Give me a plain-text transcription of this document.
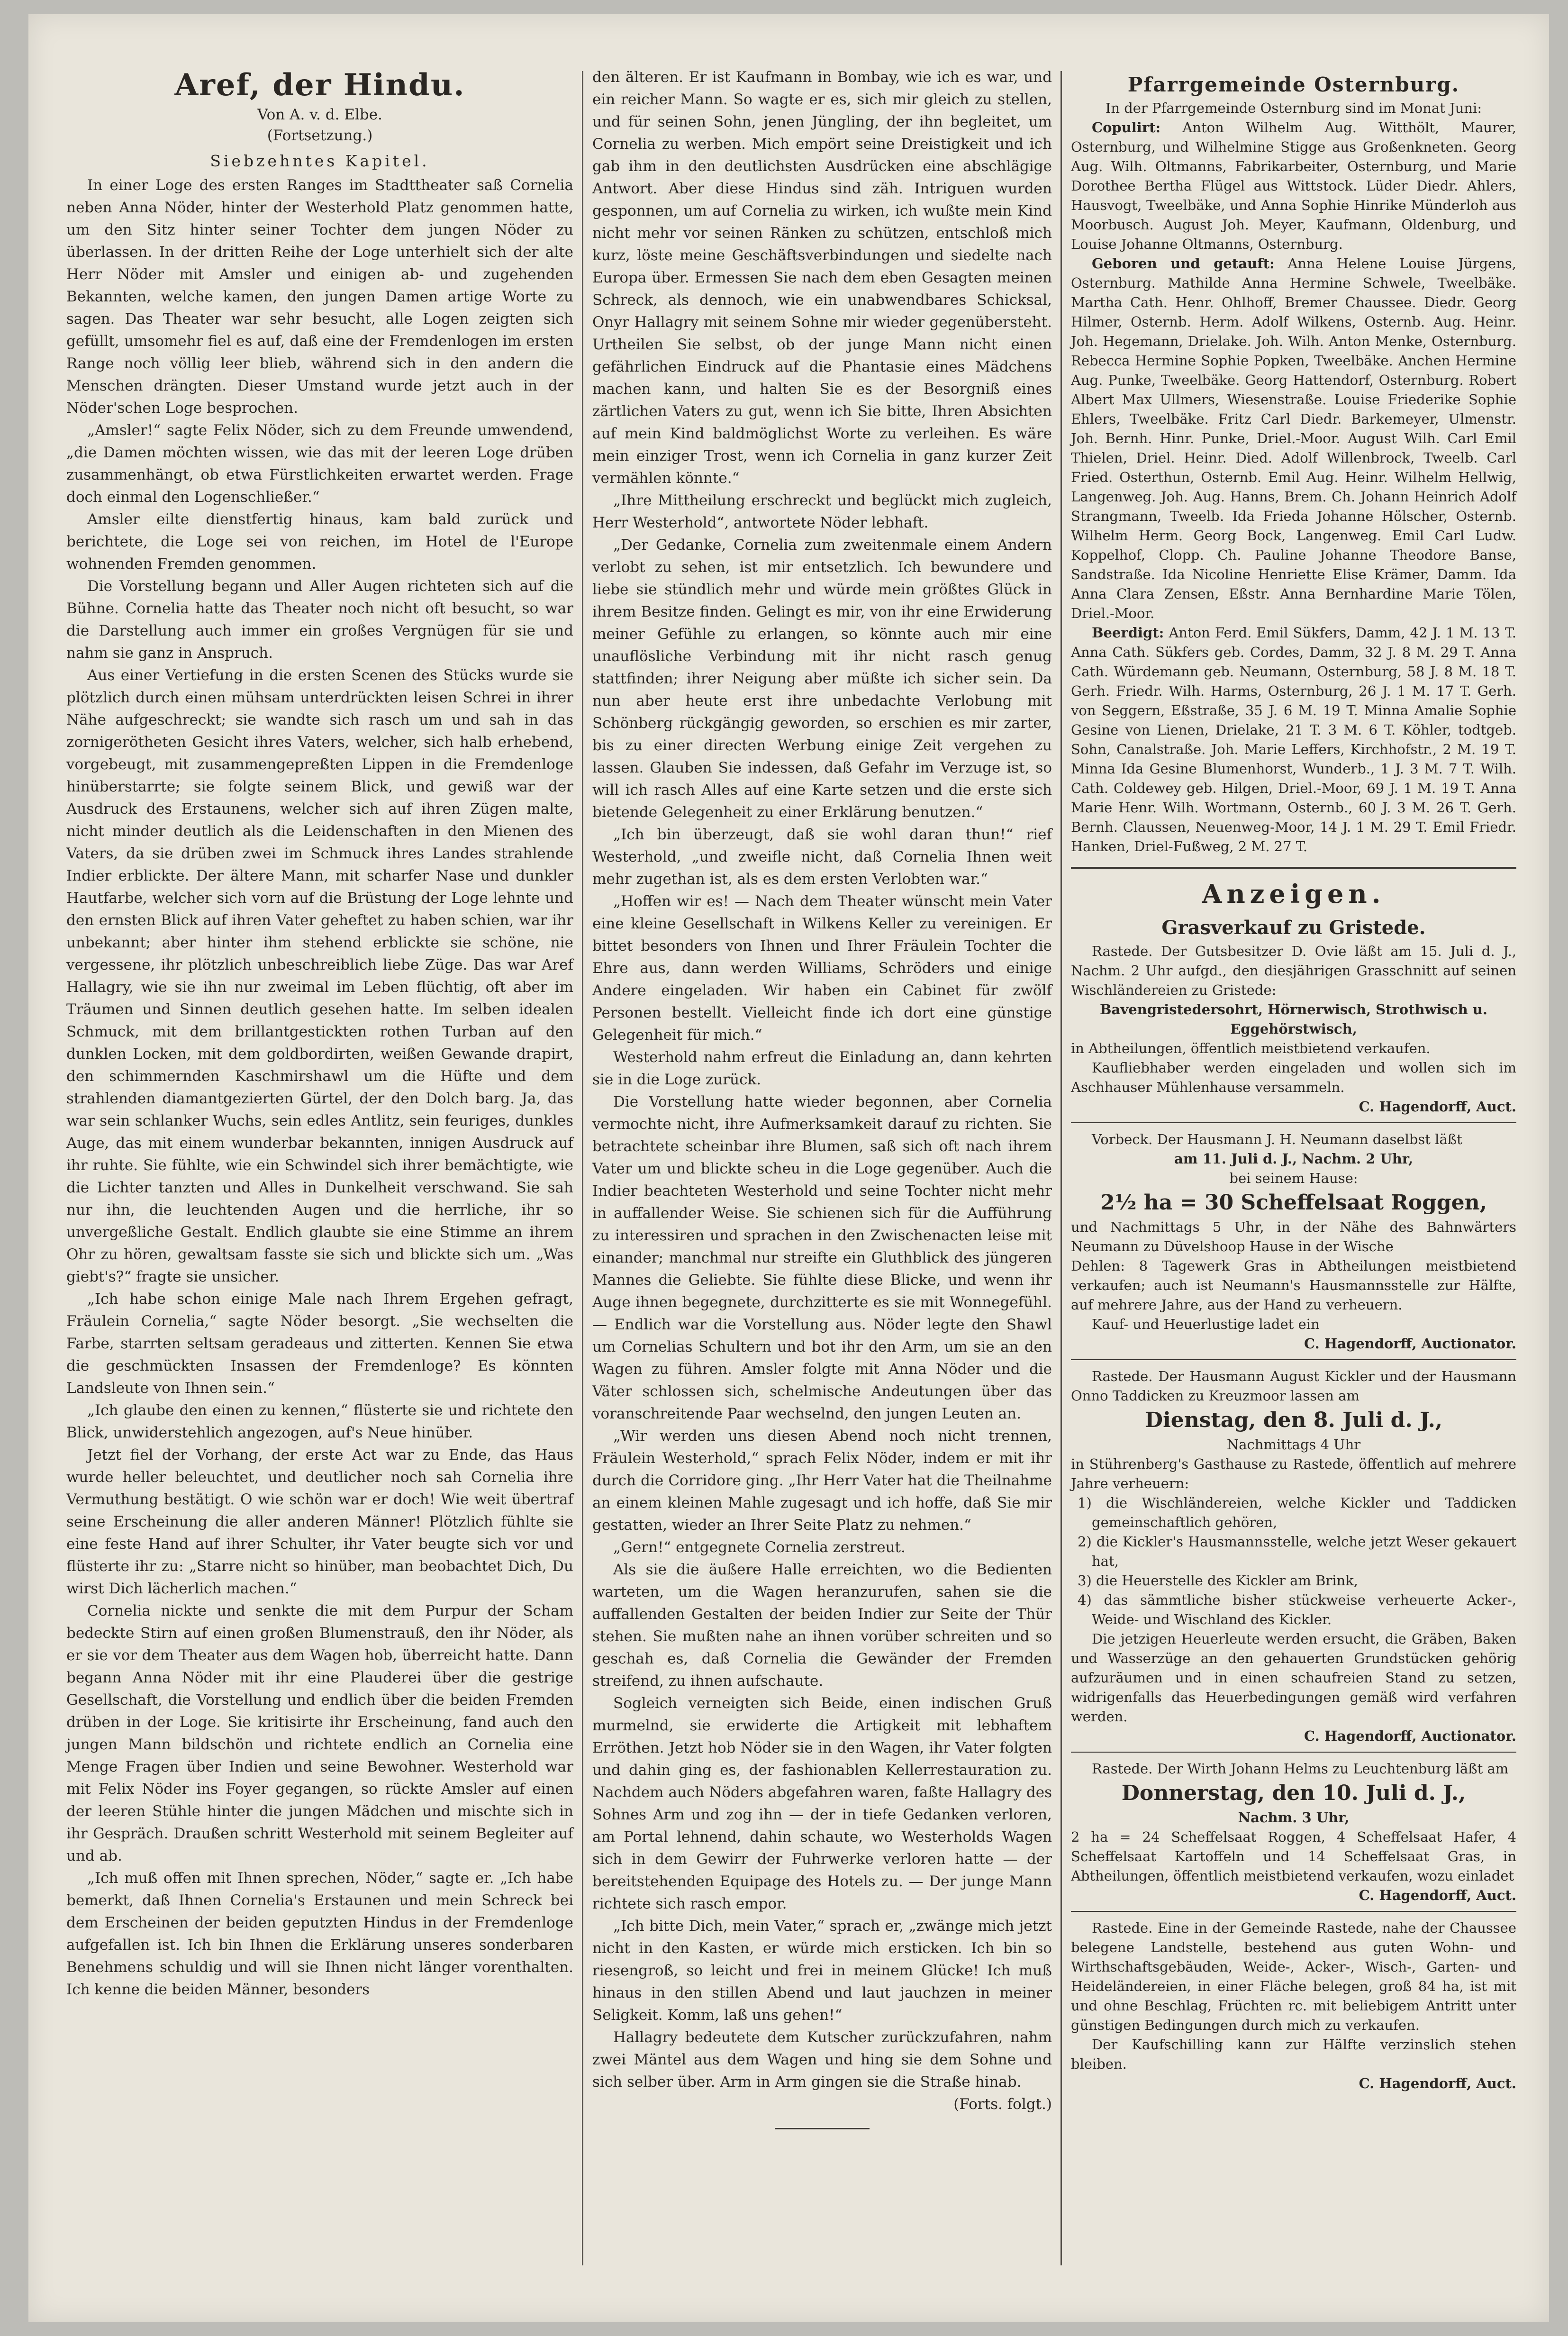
Aref, der Hindu.
Von A. v. d. Elbe.
(Fortsetzung.)
Siebzehntes Kapitel.

In einer Loge des ersten Ranges im Stadttheater saß Cornelia neben Anna Nöder, hinter der Westerhold Platz genommen hatte, um den Sitz hinter seiner Tochter dem jungen Nöder zu überlassen. In der dritten Reihe der Loge unterhielt sich der alte Herr Nöder mit Amsler und einigen ab- und zugehenden Bekannten, welche kamen, den jungen Damen artige Worte zu sagen. Das Theater war sehr besucht, alle Logen zeigten sich gefüllt, umsomehr fiel es auf, daß eine der Fremdenlogen im ersten Range noch völlig leer blieb, während sich in den andern die Menschen drängten. Dieser Umstand wurde jetzt auch in der Nöder'schen Loge besprochen.

„Amsler!“ sagte Felix Nöder, sich zu dem Freunde umwendend, „die Damen möchten wissen, wie das mit der leeren Loge drüben zusammenhängt, ob etwa Fürstlichkeiten erwartet werden. Frage doch einmal den Logenschließer.“

Amsler eilte dienstfertig hinaus, kam bald zurück und berichtete, die Loge sei von reichen, im Hotel de l'Europe wohnenden Fremden genommen.

Die Vorstellung begann und Aller Augen richteten sich auf die Bühne. Cornelia hatte das Theater noch nicht oft besucht, so war die Darstellung auch immer ein großes Vergnügen für sie und nahm sie ganz in Anspruch.

Aus einer Vertiefung in die ersten Scenen des Stücks wurde sie plötzlich durch einen mühsam unterdrückten leisen Schrei in ihrer Nähe aufgeschreckt; sie wandte sich rasch um und sah in das zornigerötheten Gesicht ihres Vaters, welcher, sich halb erhebend, vorgebeugt, mit zusammengepreßten Lippen in die Fremdenloge hinüberstarrte; sie folgte seinem Blick, und gewiß war der Ausdruck des Erstaunens, welcher sich auf ihren Zügen malte, nicht minder deutlich als die Leidenschaften in den Mienen des Vaters, da sie drüben zwei im Schmuck ihres Landes strahlende Indier erblickte. Der ältere Mann, mit scharfer Nase und dunkler Hautfarbe, welcher sich vorn auf die Brüstung der Loge lehnte und den ernsten Blick auf ihren Vater geheftet zu haben schien, war ihr unbekannt; aber hinter ihm stehend erblickte sie schöne, nie vergessene, ihr plötzlich unbeschreiblich liebe Züge. Das war Aref Hallagry, wie sie ihn nur zweimal im Leben flüchtig, oft aber im Träumen und Sinnen deutlich gesehen hatte. Im selben idealen Schmuck, mit dem brillantgestickten rothen Turban auf den dunklen Locken, mit dem goldbordirten, weißen Gewande drapirt, den schimmernden Kaschmirshawl um die Hüfte und dem strahlenden diamantgezierten Gürtel, der den Dolch barg. Ja, das war sein schlanker Wuchs, sein edles Antlitz, sein feuriges, dunkles Auge, das mit einem wunderbar bekannten, innigen Ausdruck auf ihr ruhte. Sie fühlte, wie ein Schwindel sich ihrer bemächtigte, wie die Lichter tanzten und Alles in Dunkelheit verschwand. Sie sah nur ihn, die leuchtenden Augen und die herrliche, ihr so unvergeßliche Gestalt. Endlich glaubte sie eine Stimme an ihrem Ohr zu hören, gewaltsam fasste sie sich und blickte sich um. „Was giebt's?“ fragte sie unsicher.

„Ich habe schon einige Male nach Ihrem Ergehen gefragt, Fräulein Cornelia,“ sagte Nöder besorgt. „Sie wechselten die Farbe, starrten seltsam geradeaus und zitterten. Kennen Sie etwa die geschmückten Insassen der Fremdenloge? Es könnten Landsleute von Ihnen sein.“

„Ich glaube den einen zu kennen,“ flüsterte sie und richtete den Blick, unwiderstehlich angezogen, auf's Neue hinüber.

Jetzt fiel der Vorhang, der erste Act war zu Ende, das Haus wurde heller beleuchtet, und deutlicher noch sah Cornelia ihre Vermuthung bestätigt. O wie schön war er doch! Wie weit übertraf seine Erscheinung die aller anderen Männer! Plötzlich fühlte sie eine feste Hand auf ihrer Schulter, ihr Vater beugte sich vor und flüsterte ihr zu: „Starre nicht so hinüber, man beobachtet Dich, Du wirst Dich lächerlich machen.“

Cornelia nickte und senkte die mit dem Purpur der Scham bedeckte Stirn auf einen großen Blumenstrauß, den ihr Nöder, als er sie vor dem Theater aus dem Wagen hob, überreicht hatte. Dann begann Anna Nöder mit ihr eine Plauderei über die gestrige Gesellschaft, die Vorstellung und endlich über die beiden Fremden drüben in der Loge. Sie kritisirte ihr Erscheinung, fand auch den jungen Mann bildschön und richtete endlich an Cornelia eine Menge Fragen über Indien und seine Bewohner. Westerhold war mit Felix Nöder ins Foyer gegangen, so rückte Amsler auf einen der leeren Stühle hinter die jungen Mädchen und mischte sich in ihr Gespräch. Draußen schritt Westerhold mit seinem Begleiter auf und ab.

„Ich muß offen mit Ihnen sprechen, Nöder,“ sagte er. „Ich habe bemerkt, daß Ihnen Cornelia's Erstaunen und mein Schreck bei dem Erscheinen der beiden geputzten Hindus in der Fremdenloge aufgefallen ist. Ich bin Ihnen die Erklärung unseres sonderbaren Benehmens schuldig und will sie Ihnen nicht länger vorenthalten. Ich kenne die beiden Männer, besonders

den älteren. Er ist Kaufmann in Bombay, wie ich es war, und ein reicher Mann. So wagte er es, sich mir gleich zu stellen, und für seinen Sohn, jenen Jüngling, der ihn begleitet, um Cornelia zu werben. Mich empört seine Dreistigkeit und ich gab ihm in den deutlichsten Ausdrücken eine abschlägige Antwort. Aber diese Hindus sind zäh. Intriguen wurden gesponnen, um auf Cornelia zu wirken, ich wußte mein Kind nicht mehr vor seinen Ränken zu schützen, entschloß mich kurz, löste meine Geschäftsverbindungen und siedelte nach Europa über. Ermessen Sie nach dem eben Gesagten meinen Schreck, als dennoch, wie ein unabwendbares Schicksal, Onyr Hallagry mit seinem Sohne mir wieder gegenübersteht. Urtheilen Sie selbst, ob der junge Mann nicht einen gefährlichen Eindruck auf die Phantasie eines Mädchens machen kann, und halten Sie es der Besorgniß eines zärtlichen Vaters zu gut, wenn ich Sie bitte, Ihren Absichten auf mein Kind baldmöglichst Worte zu verleihen. Es wäre mein einziger Trost, wenn ich Cornelia in ganz kurzer Zeit vermählen könnte.“

„Ihre Mittheilung erschreckt und beglückt mich zugleich, Herr Westerhold“, antwortete Nöder lebhaft.

„Der Gedanke, Cornelia zum zweitenmale einem Andern verlobt zu sehen, ist mir entsetzlich. Ich bewundere und liebe sie stündlich mehr und würde mein größtes Glück in ihrem Besitze finden. Gelingt es mir, von ihr eine Erwiderung meiner Gefühle zu erlangen, so könnte auch mir eine unauflösliche Verbindung mit ihr nicht rasch genug stattfinden; ihrer Neigung aber müßte ich sicher sein. Da nun aber heute erst ihre unbedachte Verlobung mit Schönberg rückgängig geworden, so erschien es mir zarter, bis zu einer directen Werbung einige Zeit vergehen zu lassen. Glauben Sie indessen, daß Gefahr im Verzuge ist, so will ich rasch Alles auf eine Karte setzen und die erste sich bietende Gelegenheit zu einer Erklärung benutzen.“

„Ich bin überzeugt, daß sie wohl daran thun!“ rief Westerhold, „und zweifle nicht, daß Cornelia Ihnen weit mehr zugethan ist, als es dem ersten Verlobten war.“

„Hoffen wir es! — Nach dem Theater wünscht mein Vater eine kleine Gesellschaft in Wilkens Keller zu vereinigen. Er bittet besonders von Ihnen und Ihrer Fräulein Tochter die Ehre aus, dann werden Williams, Schröders und einige Andere eingeladen. Wir haben ein Cabinet für zwölf Personen bestellt. Vielleicht finde ich dort eine günstige Gelegenheit für mich.“

Westerhold nahm erfreut die Einladung an, dann kehrten sie in die Loge zurück.

Die Vorstellung hatte wieder begonnen, aber Cornelia vermochte nicht, ihre Aufmerksamkeit darauf zu richten. Sie betrachtete scheinbar ihre Blumen, saß sich oft nach ihrem Vater um und blickte scheu in die Loge gegenüber. Auch die Indier beachteten Westerhold und seine Tochter nicht mehr in auffallender Weise. Sie schienen sich für die Aufführung zu interessiren und sprachen in den Zwischenacten leise mit einander; manchmal nur streifte ein Gluthblick des jüngeren Mannes die Geliebte. Sie fühlte diese Blicke, und wenn ihr Auge ihnen begegnete, durchzitterte es sie mit Wonnegefühl. — Endlich war die Vorstellung aus. Nöder legte den Shawl um Cornelias Schultern und bot ihr den Arm, um sie an den Wagen zu führen. Amsler folgte mit Anna Nöder und die Väter schlossen sich, schelmische Andeutungen über das voranschreitende Paar wechselnd, den jungen Leuten an.

„Wir werden uns diesen Abend noch nicht trennen, Fräulein Westerhold,“ sprach Felix Nöder, indem er mit ihr durch die Corridore ging. „Ihr Herr Vater hat die Theilnahme an einem kleinen Mahle zugesagt und ich hoffe, daß Sie mir gestatten, wieder an Ihrer Seite Platz zu nehmen.“

„Gern!“ entgegnete Cornelia zerstreut.

Als sie die äußere Halle erreichten, wo die Bedienten warteten, um die Wagen heranzurufen, sahen sie die auffallenden Gestalten der beiden Indier zur Seite der Thür stehen. Sie mußten nahe an ihnen vorüber schreiten und so geschah es, daß Cornelia die Gewänder der Fremden streifend, zu ihnen aufschaute.

Sogleich verneigten sich Beide, einen indischen Gruß murmelnd, sie erwiderte die Artigkeit mit lebhaftem Erröthen. Jetzt hob Nöder sie in den Wagen, ihr Vater folgten und dahin ging es, der fashionablen Kellerrestauration zu. Nachdem auch Nöders abgefahren waren, faßte Hallagry des Sohnes Arm und zog ihn — der in tiefe Gedanken verloren, am Portal lehnend, dahin schaute, wo Westerholds Wagen sich in dem Gewirr der Fuhrwerke verloren hatte — der bereitstehenden Equipage des Hotels zu. — Der junge Mann richtete sich rasch empor.

„Ich bitte Dich, mein Vater,“ sprach er, „zwänge mich jetzt nicht in den Kasten, er würde mich ersticken. Ich bin so riesengroß, so leicht und frei in meinem Glücke! Ich muß hinaus in den stillen Abend und laut jauchzen in meiner Seligkeit. Komm, laß uns gehen!“

Hallagry bedeutete dem Kutscher zurückzufahren, nahm zwei Mäntel aus dem Wagen und hing sie dem Sohne und sich selber über. Arm in Arm gingen sie die Straße hinab.

(Forts. folgt.)
Pfarrgemeinde Osternburg.
In der Pfarrgemeinde Osternburg sind im Monat Juni:

Copulirt: Anton Wilhelm Aug. Witthölt, Maurer, Osternburg, und Wilhelmine Stigge aus Großenkneten. Georg Aug. Wilh. Oltmanns, Fabrikarbeiter, Osternburg, und Marie Dorothee Bertha Flügel aus Wittstock. Lüder Diedr. Ahlers, Hausvogt, Tweelbäke, und Anna Sophie Hinrike Münderloh aus Moorbusch. August Joh. Meyer, Kaufmann, Oldenburg, und Louise Johanne Oltmanns, Osternburg.

Geboren und getauft: Anna Helene Louise Jürgens, Osternburg. Mathilde Anna Hermine Schwele, Tweelbäke. Martha Cath. Henr. Ohlhoff, Bremer Chaussee. Diedr. Georg Hilmer, Osternb. Herm. Adolf Wilkens, Osternb. Aug. Heinr. Joh. Hegemann, Drielake. Joh. Wilh. Anton Menke, Osternburg. Rebecca Hermine Sophie Popken, Tweelbäke. Anchen Hermine Aug. Punke, Tweelbäke. Georg Hattendorf, Osternburg. Robert Albert Max Ullmers, Wiesenstraße. Louise Friederike Sophie Ehlers, Tweelbäke. Fritz Carl Diedr. Barkemeyer, Ulmenstr. Joh. Bernh. Hinr. Punke, Driel.-Moor. August Wilh. Carl Emil Thielen, Driel. Heinr. Died. Adolf Willenbrock, Tweelb. Carl Fried. Osterthun, Osternb. Emil Aug. Heinr. Wilhelm Hellwig, Langenweg. Joh. Aug. Hanns, Brem. Ch. Johann Heinrich Adolf Strangmann, Tweelb. Ida Frieda Johanne Hölscher, Osternb. Wilhelm Herm. Georg Bock, Langenweg. Emil Carl Ludw. Koppelhof, Clopp. Ch. Pauline Johanne Theodore Banse, Sandstraße. Ida Nicoline Henriette Elise Krämer, Damm. Ida Anna Clara Zensen, Eßstr. Anna Bernhardine Marie Tölen, Driel.-Moor.

Beerdigt: Anton Ferd. Emil Sükfers, Damm, 42 J. 1 M. 13 T. Anna Cath. Sükfers geb. Cordes, Damm, 32 J. 8 M. 29 T. Anna Cath. Würdemann geb. Neumann, Osternburg, 58 J. 8 M. 18 T. Gerh. Friedr. Wilh. Harms, Osternburg, 26 J. 1 M. 17 T. Gerh. von Seggern, Eßstraße, 35 J. 6 M. 19 T. Minna Amalie Sophie Gesine von Lienen, Drielake, 21 T. 3 M. 6 T. Köhler, todtgeb. Sohn, Canalstraße. Joh. Marie Leffers, Kirchhofstr., 2 M. 19 T. Minna Ida Gesine Blumenhorst, Wunderb., 1 J. 3 M. 7 T. Wilh. Cath. Coldewey geb. Hilgen, Driel.-Moor, 69 J. 1 M. 19 T. Anna Marie Henr. Wilh. Wortmann, Osternb., 60 J. 3 M. 26 T. Gerh. Bernh. Claussen, Neuenweg-Moor, 14 J. 1 M. 29 T. Emil Friedr. Hanken, Driel-Fußweg, 2 M. 27 T.

Anzeigen.
Grasverkauf zu Gristede.

Rastede. Der Gutsbesitzer D. Ovie läßt am 15. Juli d. J., Nachm. 2 Uhr aufgd., den diesjährigen Grasschnitt auf seinen Wischländereien zu Gristede:

Bavengristedersohrt, Hörnerwisch, Strothwisch u. Eggehörstwisch,

in Abtheilungen, öffentlich meistbietend verkaufen.

Kaufliebhaber werden eingeladen und wollen sich im Aschhauser Mühlenhause versammeln.

C. Hagendorff, Auct.

Vorbeck. Der Hausmann J. H. Neumann daselbst läßt

am 11. Juli d. J., Nachm. 2 Uhr,
bei seinem Hause:
2½ ha = 30 Scheffelsaat Roggen,

und Nachmittags 5 Uhr, in der Nähe des Bahnwärters Neumann zu Düvelshoop Hause in der Wische

Dehlen: 8 Tagewerk Gras in Abtheilungen meistbietend verkaufen; auch ist Neumann's Hausmannsstelle zur Hälfte, auf mehrere Jahre, aus der Hand zu verheuern.

Kauf- und Heuerlustige ladet ein

C. Hagendorff, Auctionator.

Rastede. Der Hausmann August Kickler und der Hausmann Onno Taddicken zu Kreuzmoor lassen am

Dienstag, den 8. Juli d. J.,
Nachmittags 4 Uhr

in Stührenberg's Gasthause zu Rastede, öffentlich auf mehrere Jahre verheuern:

1) die Wischländereien, welche Kickler und Taddicken gemeinschaftlich gehören,
2) die Kickler's Hausmannsstelle, welche jetzt Weser gekauert hat,
3) die Heuerstelle des Kickler am Brink,
4) das sämmtliche bisher stückweise verheuerte Acker-, Weide- und Wischland des Kickler.

Die jetzigen Heuerleute werden ersucht, die Gräben, Baken und Wasserzüge an den gehauerten Grundstücken gehörig aufzuräumen und in einen schaufreien Stand zu setzen, widrigenfalls das Heuerbedingungen gemäß wird verfahren werden.

C. Hagendorff, Auctionator.

Rastede. Der Wirth Johann Helms zu Leuchtenburg läßt am

Donnerstag, den 10. Juli d. J.,
Nachm. 3 Uhr,

2 ha = 24 Scheffelsaat Roggen, 4 Scheffelsaat Hafer, 4 Scheffelsaat Kartoffeln und 14 Scheffelsaat Gras, in Abtheilungen, öffentlich meistbietend verkaufen, wozu einladet

C. Hagendorff, Auct.

Rastede. Eine in der Gemeinde Rastede, nahe der Chaussee belegene Landstelle, bestehend aus guten Wohn- und Wirthschaftsgebäuden, Weide-, Acker-, Wisch-, Garten- und Heideländereien, in einer Fläche belegen, groß 84 ha, ist mit und ohne Beschlag, Früchten rc. mit beliebigem Antritt unter günstigen Bedingungen durch mich zu verkaufen.

Der Kaufschilling kann zur Hälfte verzinslich stehen bleiben.

C. Hagendorff, Auct.
